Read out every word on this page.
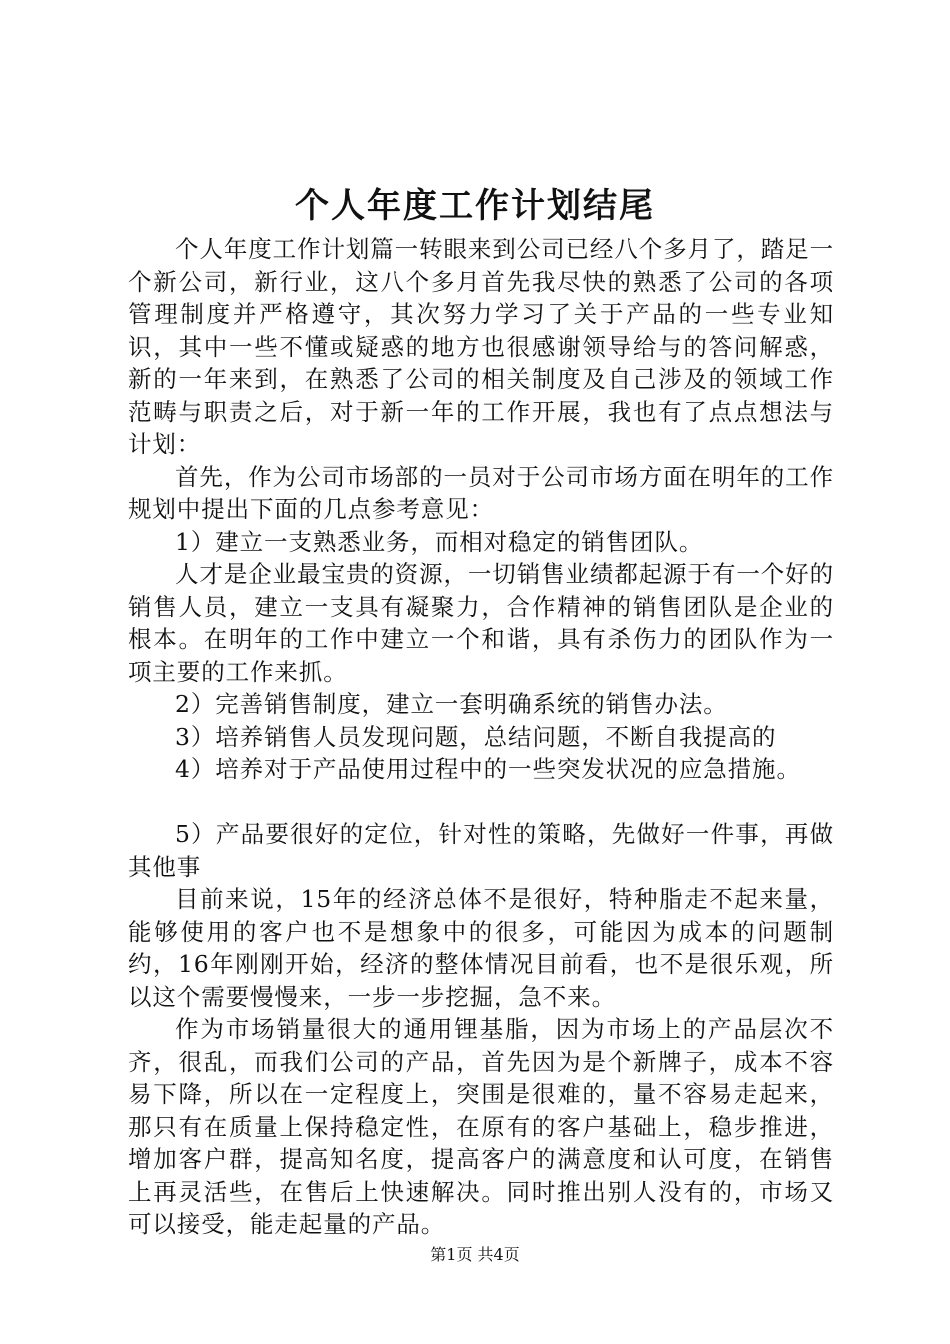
个人年度工作计划结尾

个人年度工作计划篇一转眼来到公司已经八个多月了，踏足一个新公司，新行业，这八个多月首先我尽快的熟悉了公司的各项管理制度并严格遵守，其次努力学习了关于产品的一些专业知识，其中一些不懂或疑惑的地方也很感谢领导给与的答问解惑，新的一年来到，在熟悉了公司的相关制度及自己涉及的领域工作范畴与职责之后，对于新一年的工作开展，我也有了点点想法与计划：

首先，作为公司市场部的一员对于公司市场方面在明年的工作规划中提出下面的几点参考意见：

1）建立一支熟悉业务，而相对稳定的销售团队。

人才是企业最宝贵的资源，一切销售业绩都起源于有一个好的销售人员，建立一支具有凝聚力，合作精神的销售团队是企业的根本。在明年的工作中建立一个和谐，具有杀伤力的团队作为一项主要的工作来抓。

2）完善销售制度，建立一套明确系统的销售办法。

3）培养销售人员发现问题，总结问题，不断自我提高的

4）培养对于产品使用过程中的一些突发状况的应急措施。

5）产品要很好的定位，针对性的策略，先做好一件事，再做其他事

目前来说，15年的经济总体不是很好，特种脂走不起来量，能够使用的客户也不是想象中的很多，可能因为成本的问题制约，16年刚刚开始，经济的整体情况目前看，也不是很乐观，所以这个需要慢慢来，一步一步挖掘，急不来。

作为市场销量很大的通用锂基脂，因为市场上的产品层次不齐，很乱，而我们公司的产品，首先因为是个新牌子，成本不容易下降，所以在一定程度上，突围是很难的，量不容易走起来，那只有在质量上保持稳定性，在原有的客户基础上，稳步推进，增加客户群，提高知名度，提高客户的满意度和认可度，在销售上再灵活些，在售后上快速解决。同时推出别人没有的，市场又可以接受，能走起量的产品。

第1页 共4页
